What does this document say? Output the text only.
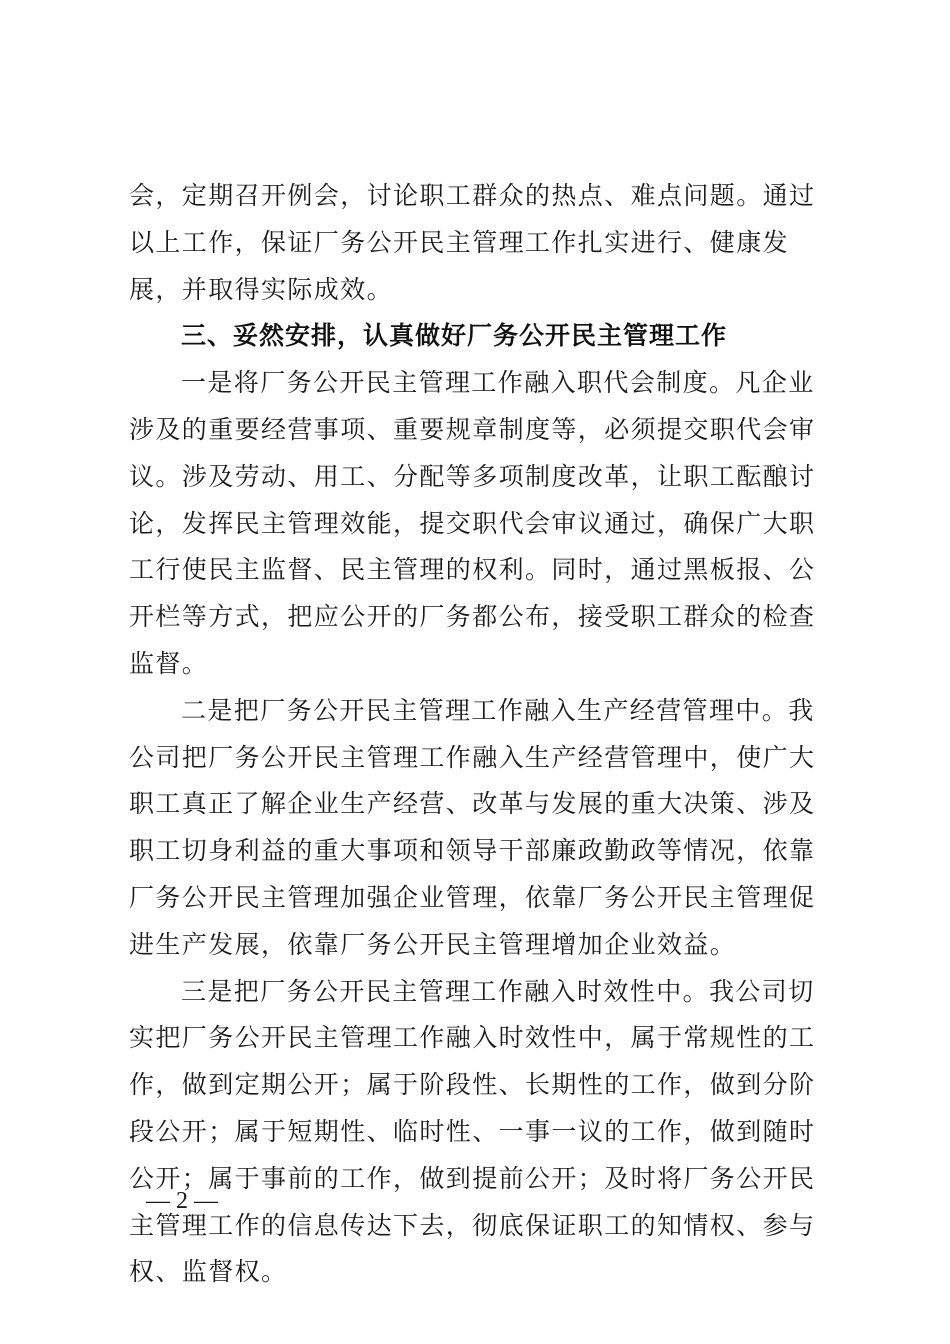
会，定期召开例会，讨论职工群众的热点、难点问题。通过以上工作，保证厂务公开民主管理工作扎实进行、健康发展，并取得实际成效。

三、妥然安排，认真做好厂务公开民主管理工作

一是将厂务公开民主管理工作融入职代会制度。凡企业涉及的重要经营事项、重要规章制度等，必须提交职代会审议。涉及劳动、用工、分配等多项制度改革，让职工酝酿讨论，发挥民主管理效能，提交职代会审议通过，确保广大职工行使民主监督、民主管理的权利。同时，通过黑板报、公开栏等方式，把应公开的厂务都公布，接受职工群众的检查监督。

二是把厂务公开民主管理工作融入生产经营管理中。我公司把厂务公开民主管理工作融入生产经营管理中，使广大职工真正了解企业生产经营、改革与发展的重大决策、涉及职工切身利益的重大事项和领导干部廉政勤政等情况，依靠厂务公开民主管理加强企业管理，依靠厂务公开民主管理促进生产发展，依靠厂务公开民主管理增加企业效益。

三是把厂务公开民主管理工作融入时效性中。我公司切实把厂务公开民主管理工作融入时效性中，属于常规性的工作，做到定期公开；属于阶段性、长期性的工作，做到分阶段公开；属于短期性、临时性、一事一议的工作，做到随时公开；属于事前的工作，做到提前公开；及时将厂务公开民主管理工作的信息传达下去，彻底保证职工的知情权、参与权、监督权。

— 2 —
